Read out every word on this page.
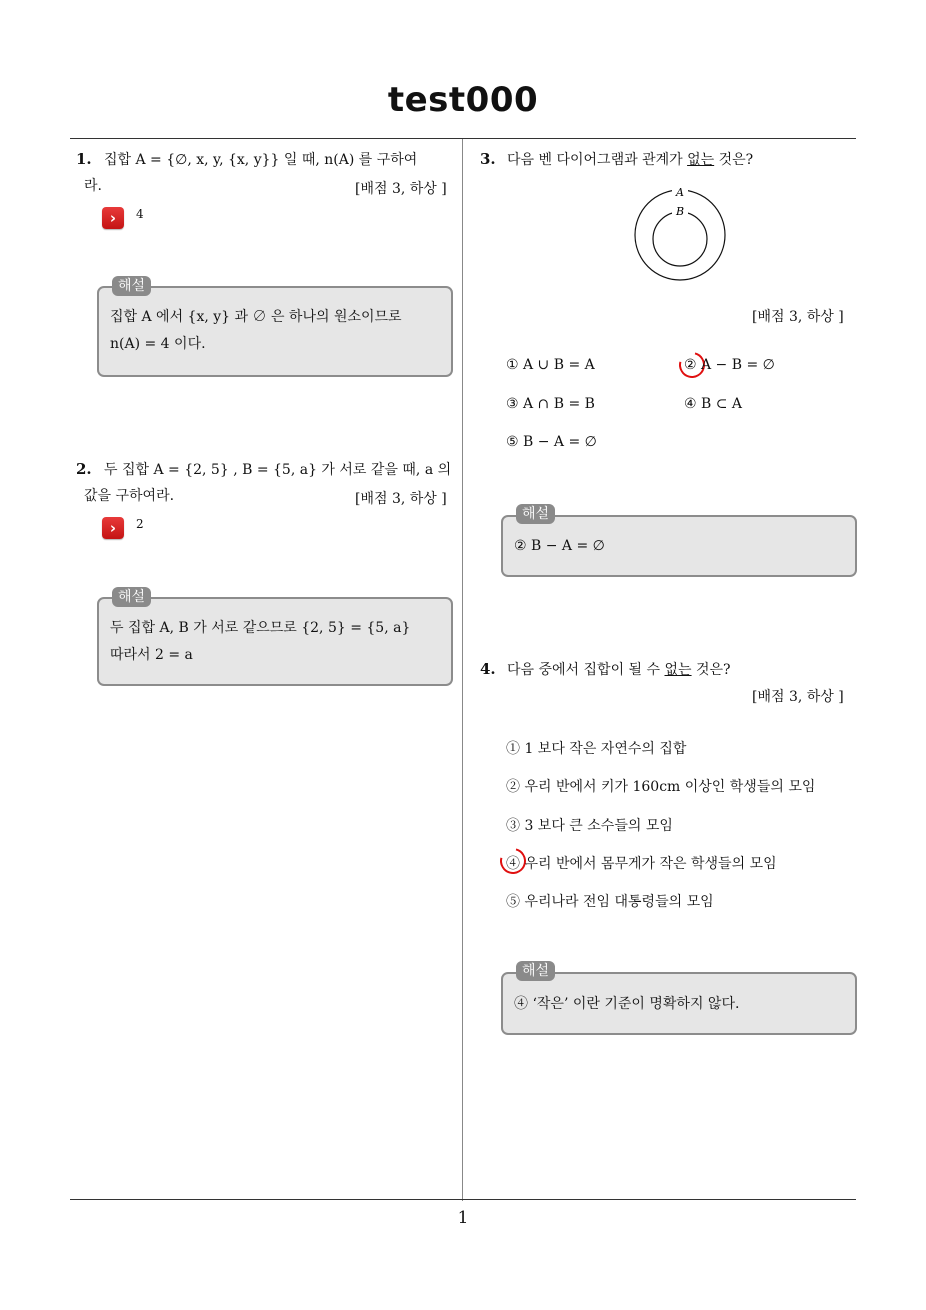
test000
1. 집합 A = {∅, x, y, {x, y}} 일 때, n(A) 를 구하여
라.	[배점 3, 하상 ]
›	4
해설
집합 A 에서 {x, y} 과 ∅ 은 하나의 원소이므로
n(A) = 4 이다.
2. 두 집합 A = {2, 5} , B = {5, a} 가 서로 같을 때, a 의
값을 구하여라.	[배점 3, 하상 ]
›	2
해설
두 집합 A, B 가 서로 같으므로 {2, 5} = {5, a}
따라서 2 = a
3. 다음 벤 다이어그램과 관계가 없는 것은?
A
B
[배점 3, 하상 ]
① A ∪ B = A	② A − B = ∅
③ A ∩ B = B	④ B ⊂ A
⑤ B − A = ∅
해설
② B − A = ∅
4. 다음 중에서 집합이 될 수 없는 것은?
[배점 3, 하상 ]
① 1 보다 작은 자연수의 집합
② 우리 반에서 키가 160cm 이상인 학생들의 모임
③ 3 보다 큰 소수들의 모임
④ 우리 반에서 몸무게가 작은 학생들의 모임
⑤ 우리나라 전임 대통령들의 모임
해설
④ ‘작은’ 이란 기준이 명확하지 않다.
1
